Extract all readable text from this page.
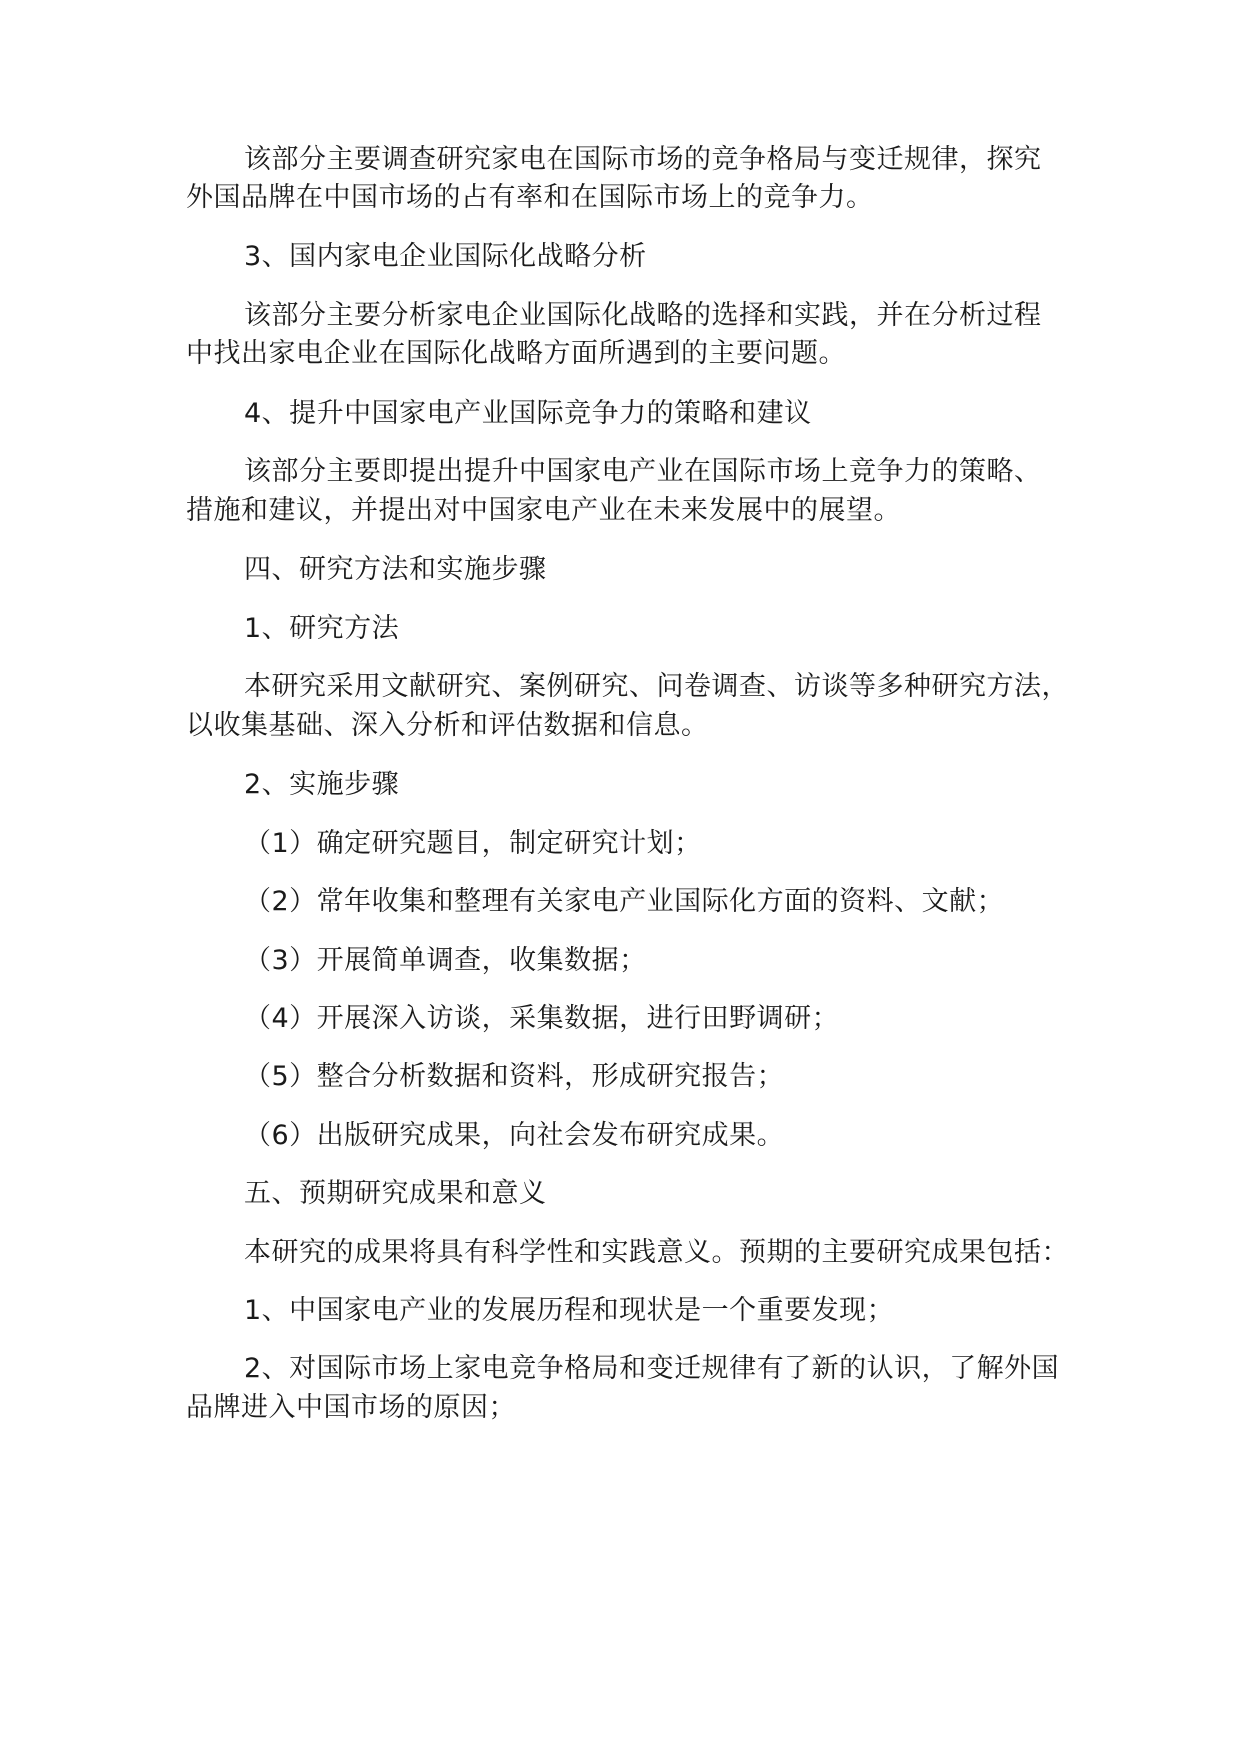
该部分主要调查研究家电在国际市场的竞争格局与变迁规律，探究
外国品牌在中国市场的占有率和在国际市场上的竞争力。
3、国内家电企业国际化战略分析
该部分主要分析家电企业国际化战略的选择和实践，并在分析过程
中找出家电企业在国际化战略方面所遇到的主要问题。
4、提升中国家电产业国际竞争力的策略和建议
该部分主要即提出提升中国家电产业在国际市场上竞争力的策略、
措施和建议，并提出对中国家电产业在未来发展中的展望。
四、研究方法和实施步骤
1、研究方法
本研究采用文献研究、案例研究、问卷调查、访谈等多种研究方法，
以收集基础、深入分析和评估数据和信息。
2、实施步骤
（1）确定研究题目，制定研究计划；
（2）常年收集和整理有关家电产业国际化方面的资料、文献；
（3）开展简单调查，收集数据；
（4）开展深入访谈，采集数据，进行田野调研；
（5）整合分析数据和资料，形成研究报告；
（6）出版研究成果，向社会发布研究成果。
五、预期研究成果和意义
本研究的成果将具有科学性和实践意义。预期的主要研究成果包括：
1、中国家电产业的发展历程和现状是一个重要发现；
2、对国际市场上家电竞争格局和变迁规律有了新的认识，了解外国
品牌进入中国市场的原因；
